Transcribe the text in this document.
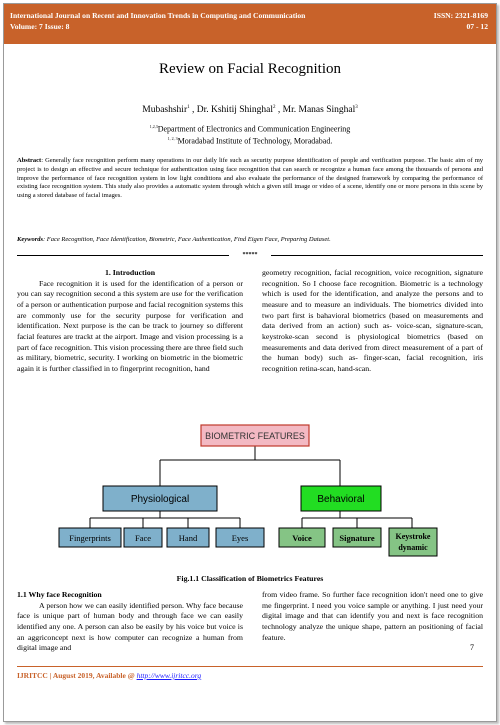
International Journal on Recent and Innovation Trends in Computing and Communication	ISSN: 2321-8169
Volume: 7 Issue: 8	07 - 12
Review on Facial Recognition
Mubashshir$^1$ , Dr. Kshitij Shinghal$^2$ , Mr. Manas Singhal$^3$
$^{1,2,3}$Department of Electronics and Communication Engineering
$^{1, 2, 3}$Moradabad Institute of Technology, Moradabad.
Abstract: Generally face recognition perform many operations in our daily life such as security purpose identification of people and verification purpose. The basic aim of my project is to design an effective and secure technique for authentication using face recognition that can search or recognize a human face among the thousands of persons and improve the performance of face recognition system in low light conditions and also evaluate the performance of the designed framework by comparing the performance of existing face recognition system. This study also provides a automatic system through which a given still image or video of a scene, identify one or more persons in this scene by using a stored database of facial images.
Keywords: Face Recognition, Face Identification, Biometric, Face Authentication, Find Eigen Face, Preparing Dataset.
*****
1. Introduction

Face recognition it is used for the identification of a person or you can say recognition second a this system are use for the verification of a person or authentication purpose and facial recognition systems this are commonly use for the security purpose for verification and identification. Next purpose is the can be track to journey so different facial features are trackt at the airport. Image and vision processing is a part of face recognition. This vision processing there are three field such as military, biometric, security. I working on biometric in the biometric again it is further classified in to fingerprint recognition, hand

geometry recognition, facial recognition, voice recognition, signature recognition. So I choose face recognition. Biometric is a technology which is used for the identification, and analyze the persons and to measure and to measure an individuals. The biometrics divided into two part first is bahavioral biometrics (based on measurements and data derived from an action) such as- voice-scan, signature-scan, keystroke-scan second is physiological biometrics (based on measurements and data derived from direct measurement of a part of the human body) such as- finger-scan, facial recognition, iris recognition retina-scan, hand-scan.

BIOMETRIC FEATURES
Physiological	Behavioral
Fingerprints	Face	Hand	Eyes	Voice	Signature	Keystroke
dynamic
Fig.1.1 Classification of Biometrics Features
1.1 Why face Recognition

A person how we can easily identified person. Why face because face is unique part of human body and through face we can easily identified any one. A person can also be easily by his voice but voice is an aggriconcept next is how computer can recognize a human from digital image and

from video frame. So further face recognition idon't need one to give me fingerprint. I need you voice sample or anything. I just need your digital image and that can identify you and next is face recognition technology analyze the unique shape, pattern an positioning of facial feature.

7
IJRITCC | August 2019, Available @ http://www.ijritcc.org
